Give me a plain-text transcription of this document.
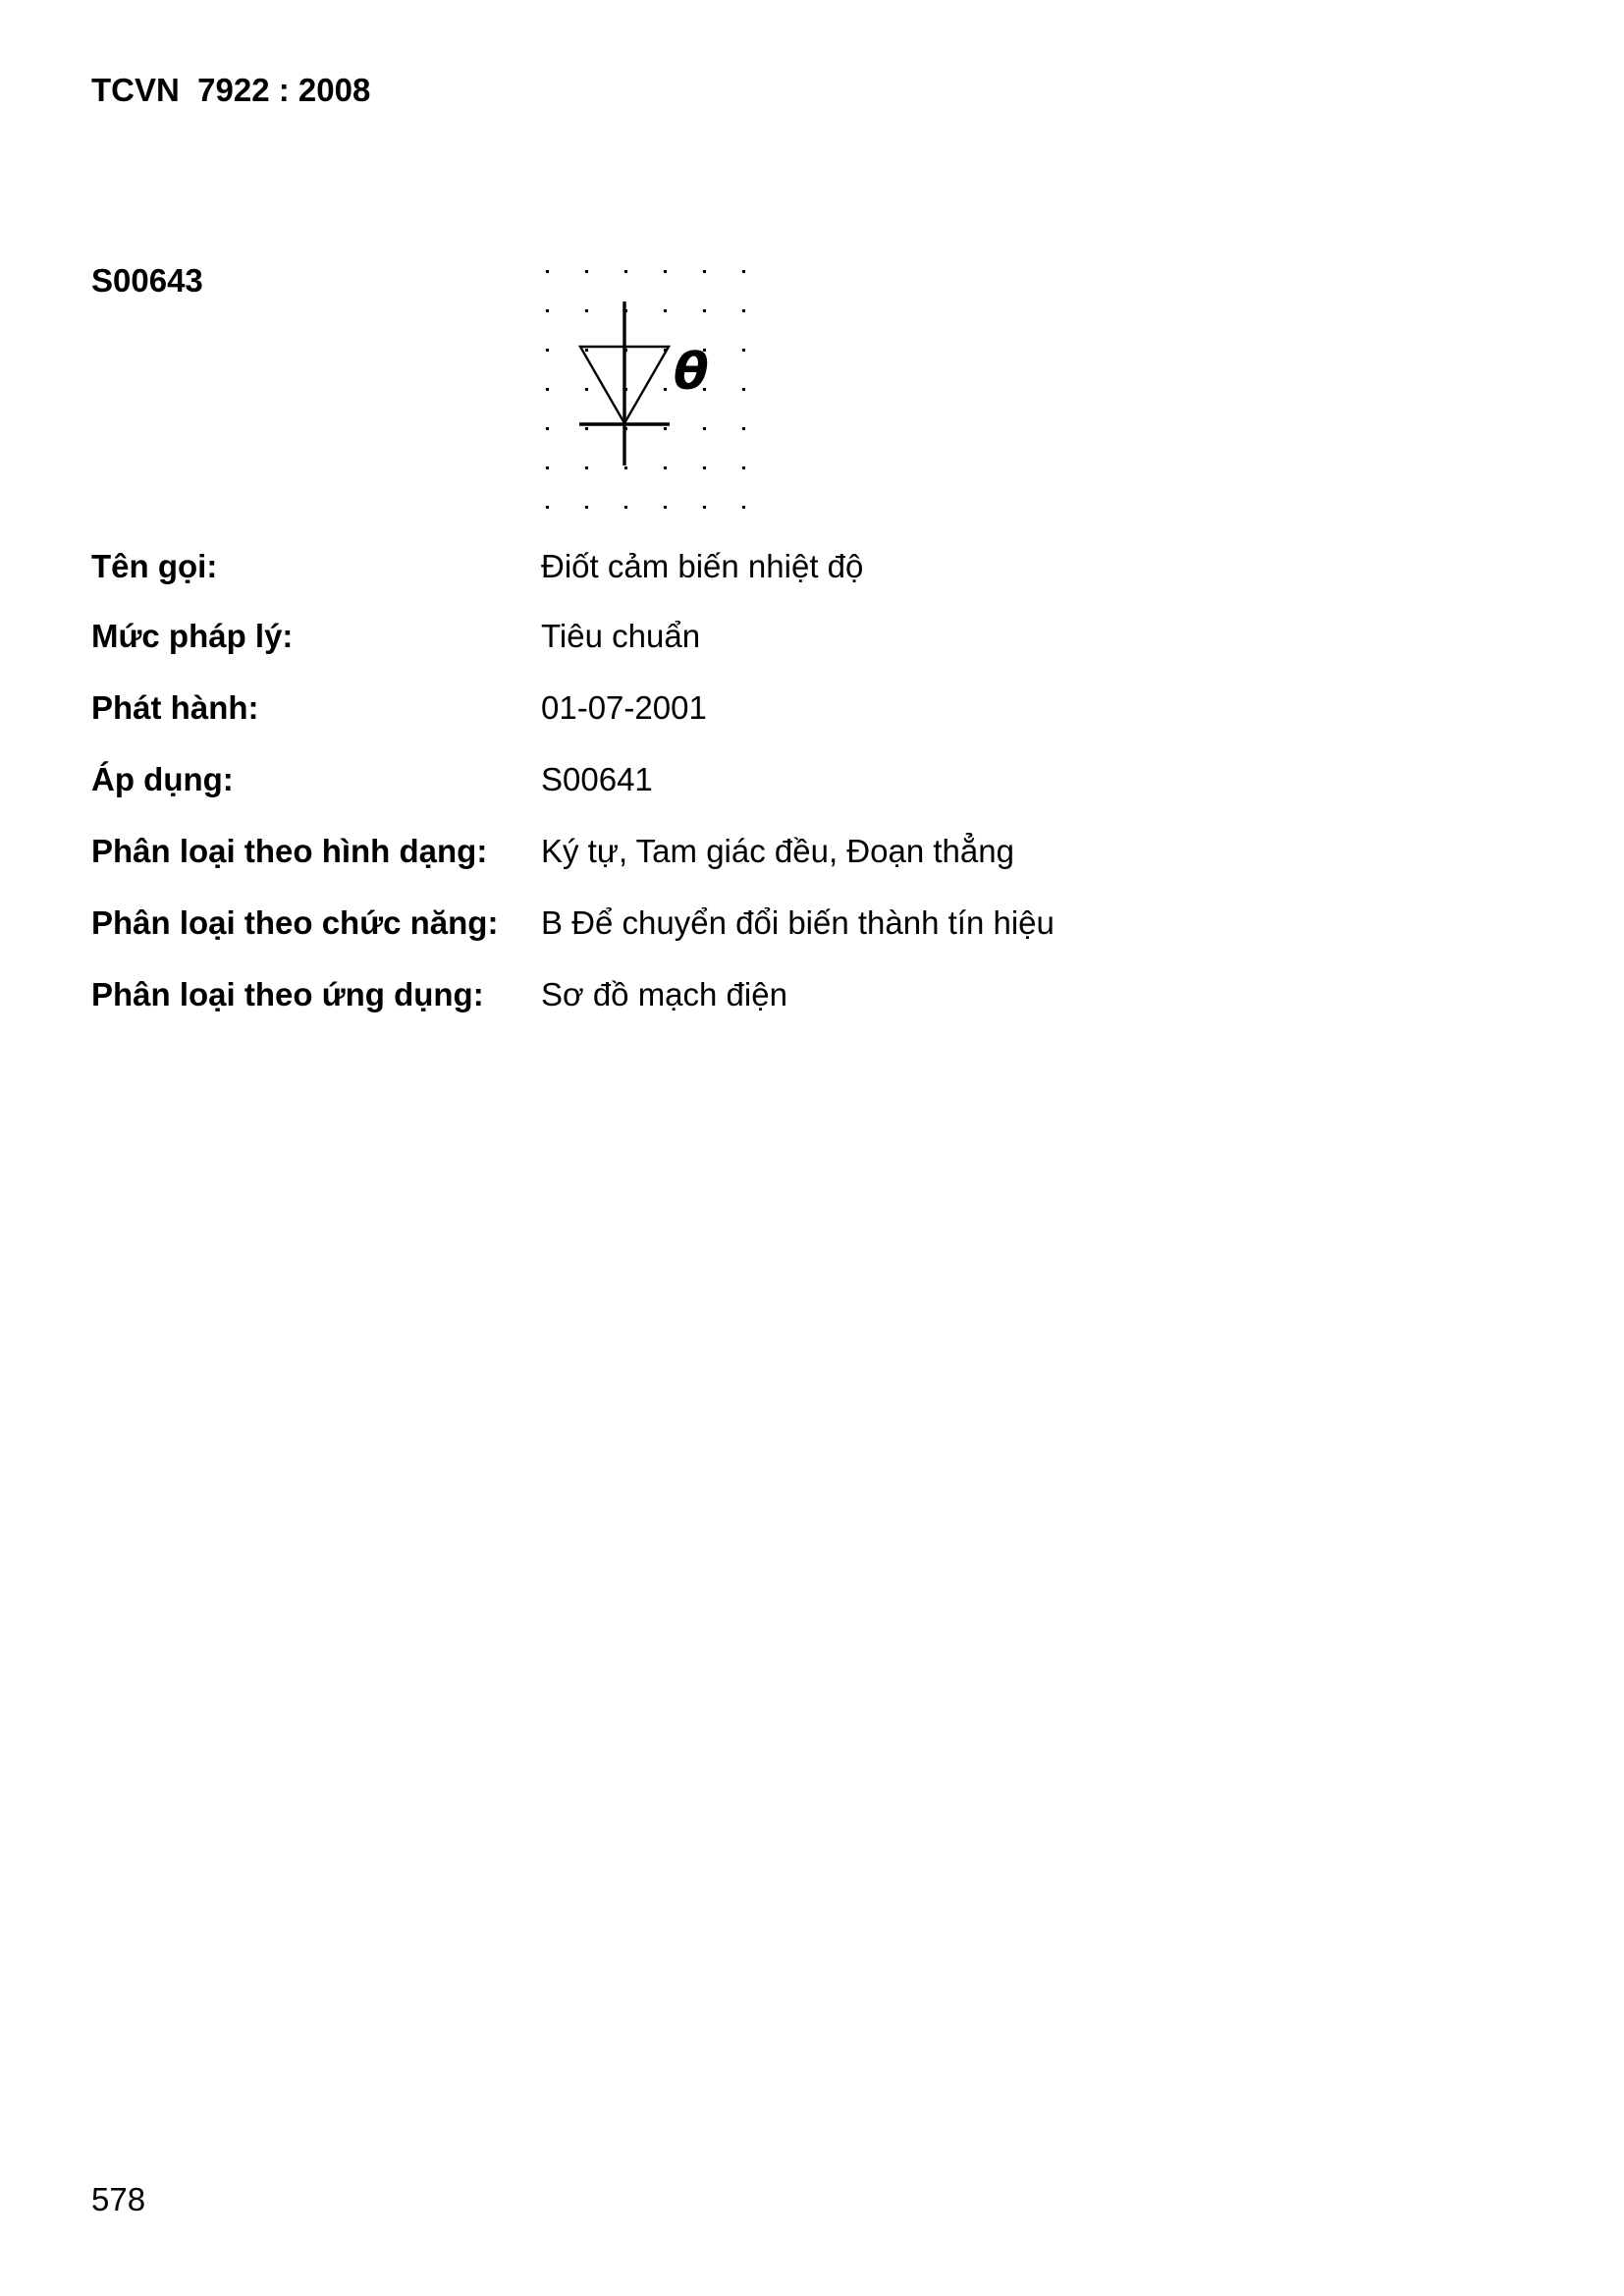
TCVN  7922 : 2008
S00643
θ
Tên gọi:	Điốt cảm biến nhiệt độ
Mức pháp lý:	Tiêu chuẩn
Phát hành:	01-07-2001
Áp dụng:	S00641
Phân loại theo hình dạng: Ký tự, Tam giác đều, Đoạn thẳng
Phân loại theo chức năng: B Để chuyển đổi biến thành tín hiệu
Phân loại theo ứng dụng: Sơ đồ mạch điện
578
